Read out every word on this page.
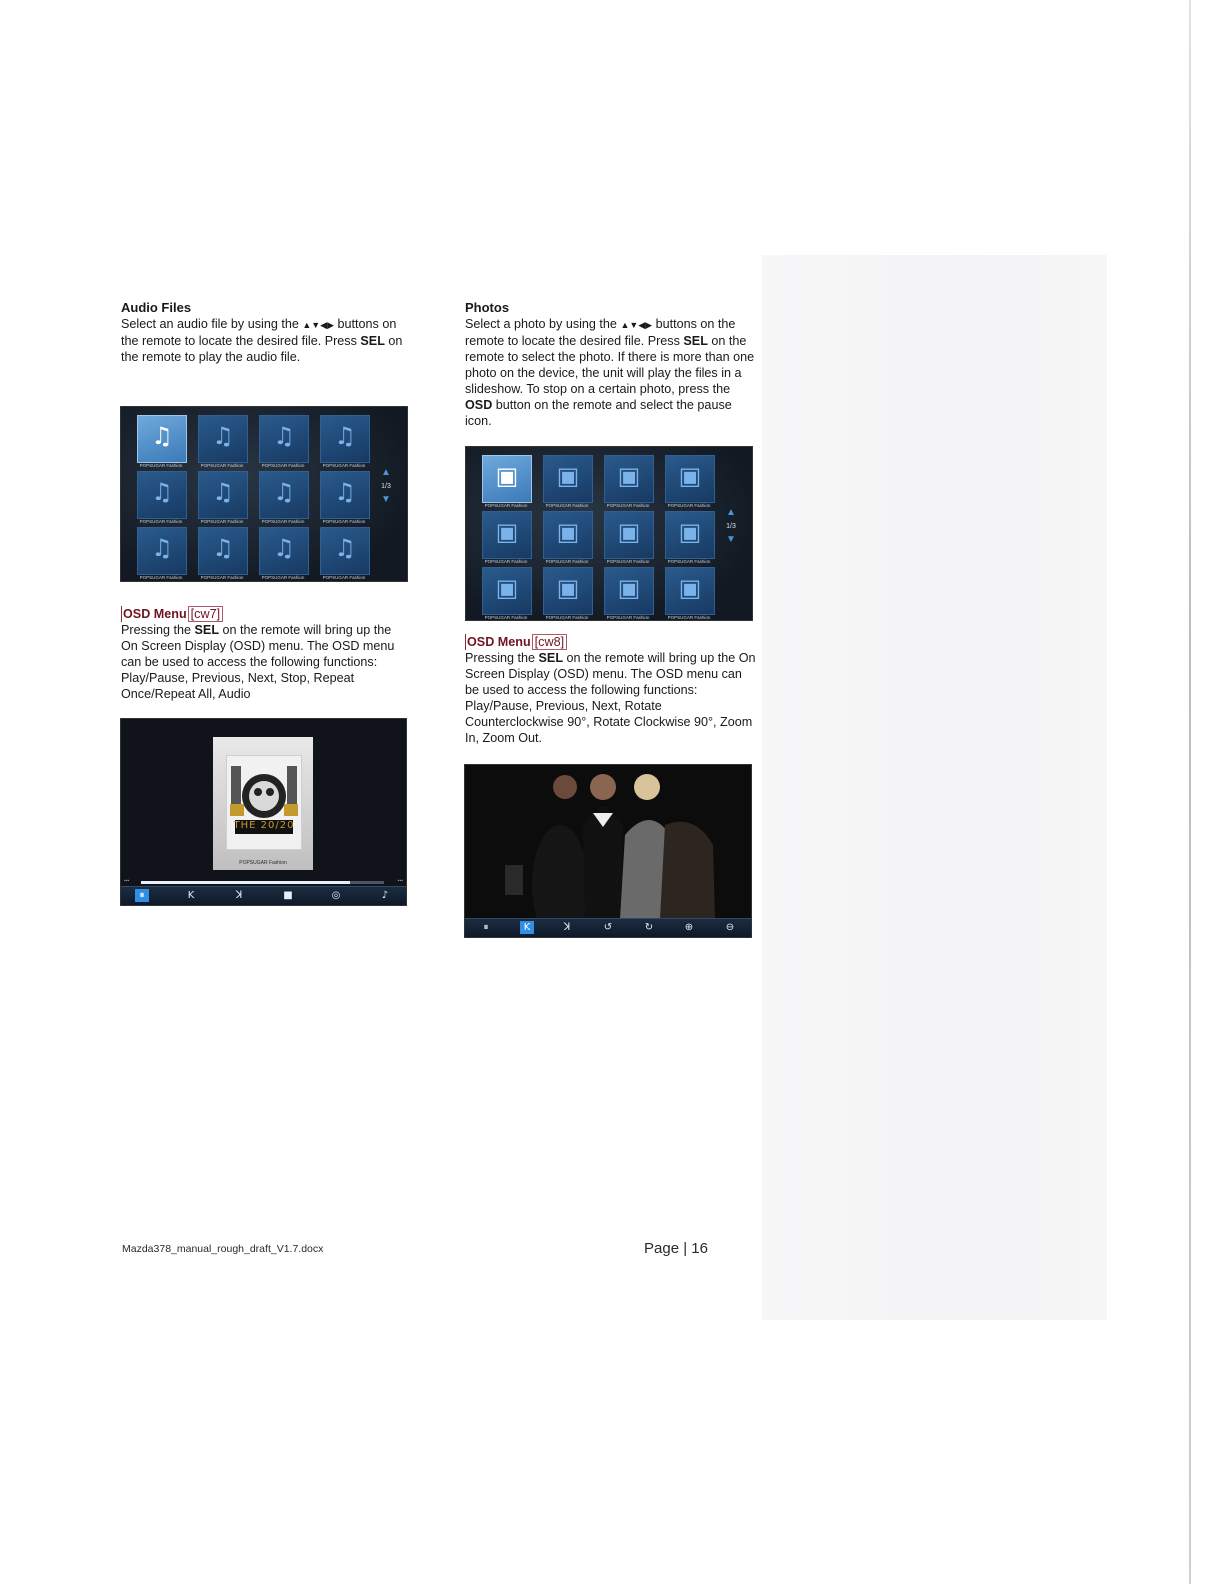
Audio Files

Select an audio file by using the ▲▼◀▶ buttons on the remote to locate the desired file. Press SEL on the remote to play the audio file.

♫
POPSUGAR Fashion
♫
POPSUGAR Fashion
♫
POPSUGAR Fashion
♫
POPSUGAR Fashion
♫
POPSUGAR Fashion
♫
POPSUGAR Fashion
♫
POPSUGAR Fashion
♫
POPSUGAR Fashion
♫
POPSUGAR Fashion
♫
POPSUGAR Fashion
♫
POPSUGAR Fashion
♫
POPSUGAR Fashion
▲
1/3
▼
OSD Menu [cw7]

Pressing the SEL on the remote will bring up the On Screen Display (OSD) menu. The OSD menu can be used to access the following functions: Play/Pause, Previous, Next, Stop, Repeat Once/Repeat All, Audio

THE 20/20
POPSUGAR Fashion
▪▪▪	▪▪▪
⏸	K	ꓘ	■	◎	♪

Photos

Select a photo by using the ▲▼◀▶ buttons on the remote to locate the desired file. Press SEL on the remote to select the photo. If there is more than one photo on the device, the unit will play the files in a slideshow. To stop on a certain photo, press the OSD button on the remote and select the pause icon.

▣
POPSUGAR Fashion
▣
POPSUGAR Fashion
▣
POPSUGAR Fashion
▣
POPSUGAR Fashion
▣
POPSUGAR Fashion
▣
POPSUGAR Fashion
▣
POPSUGAR Fashion
▣
POPSUGAR Fashion
▣
POPSUGAR Fashion
▣
POPSUGAR Fashion
▣
POPSUGAR Fashion
▣
POPSUGAR Fashion
▲
1/3
▼
OSD Menu [cw8]

Pressing the SEL on the remote will bring up the On Screen Display (OSD) menu. The OSD menu can be used to access the following functions: Play/Pause, Previous, Next, Rotate Counterclockwise 90°, Rotate Clockwise 90°, Zoom In, Zoom Out.

⏸	K	ꓘ	↺	↻	⊕	⊖
Mazda378_manual_rough_draft_V1.7.docx	Page | 16
